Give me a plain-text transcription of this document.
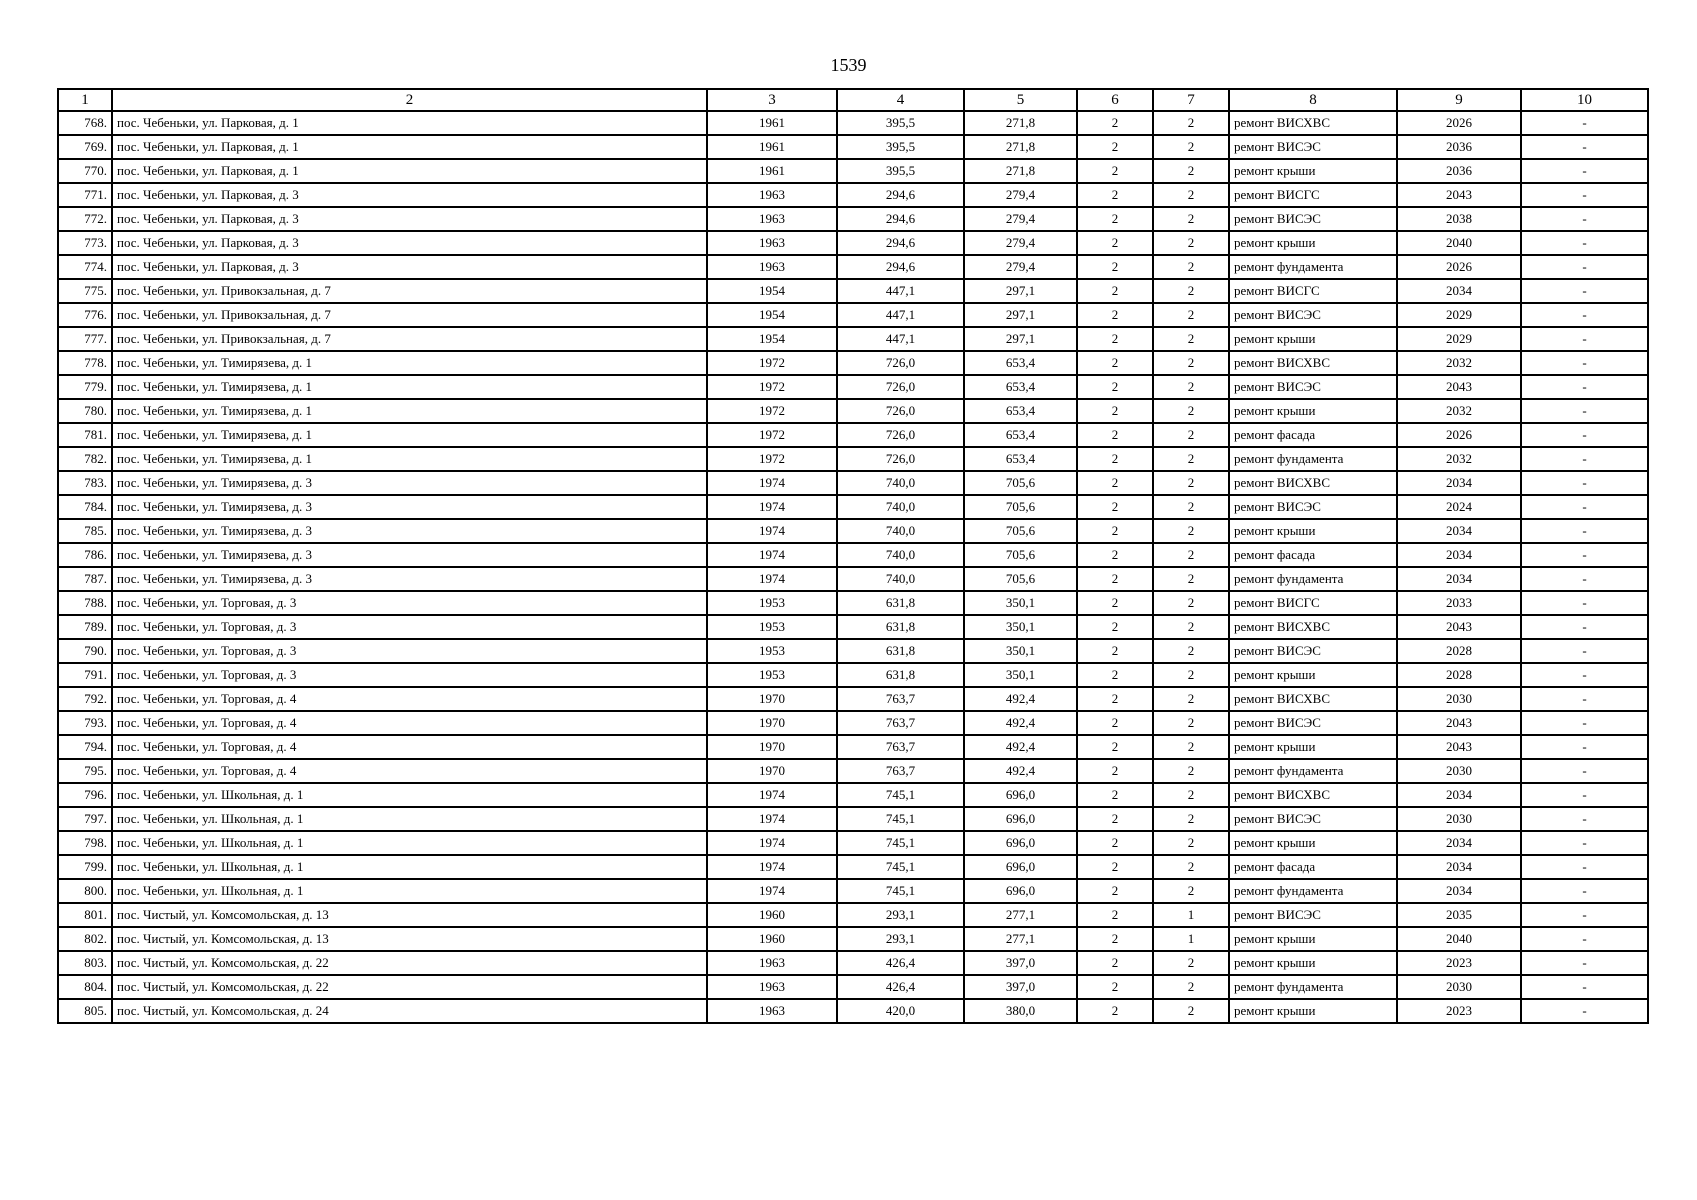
1539
1	2	3	4	5	6	7	8	9	10
768.	пос. Чебеньки, ул. Парковая, д. 1	1961	395,5	271,8	2	2	ремонт ВИСХВС	2026	-
769.	пос. Чебеньки, ул. Парковая, д. 1	1961	395,5	271,8	2	2	ремонт ВИСЭС	2036	-
770.	пос. Чебеньки, ул. Парковая, д. 1	1961	395,5	271,8	2	2	ремонт крыши	2036	-
771.	пос. Чебеньки, ул. Парковая, д. 3	1963	294,6	279,4	2	2	ремонт ВИСГС	2043	-
772.	пос. Чебеньки, ул. Парковая, д. 3	1963	294,6	279,4	2	2	ремонт ВИСЭС	2038	-
773.	пос. Чебеньки, ул. Парковая, д. 3	1963	294,6	279,4	2	2	ремонт крыши	2040	-
774.	пос. Чебеньки, ул. Парковая, д. 3	1963	294,6	279,4	2	2	ремонт фундамента	2026	-
775.	пос. Чебеньки, ул. Привокзальная, д. 7	1954	447,1	297,1	2	2	ремонт ВИСГС	2034	-
776.	пос. Чебеньки, ул. Привокзальная, д. 7	1954	447,1	297,1	2	2	ремонт ВИСЭС	2029	-
777.	пос. Чебеньки, ул. Привокзальная, д. 7	1954	447,1	297,1	2	2	ремонт крыши	2029	-
778.	пос. Чебеньки, ул. Тимирязева, д. 1	1972	726,0	653,4	2	2	ремонт ВИСХВС	2032	-
779.	пос. Чебеньки, ул. Тимирязева, д. 1	1972	726,0	653,4	2	2	ремонт ВИСЭС	2043	-
780.	пос. Чебеньки, ул. Тимирязева, д. 1	1972	726,0	653,4	2	2	ремонт крыши	2032	-
781.	пос. Чебеньки, ул. Тимирязева, д. 1	1972	726,0	653,4	2	2	ремонт фасада	2026	-
782.	пос. Чебеньки, ул. Тимирязева, д. 1	1972	726,0	653,4	2	2	ремонт фундамента	2032	-
783.	пос. Чебеньки, ул. Тимирязева, д. 3	1974	740,0	705,6	2	2	ремонт ВИСХВС	2034	-
784.	пос. Чебеньки, ул. Тимирязева, д. 3	1974	740,0	705,6	2	2	ремонт ВИСЭС	2024	-
785.	пос. Чебеньки, ул. Тимирязева, д. 3	1974	740,0	705,6	2	2	ремонт крыши	2034	-
786.	пос. Чебеньки, ул. Тимирязева, д. 3	1974	740,0	705,6	2	2	ремонт фасада	2034	-
787.	пос. Чебеньки, ул. Тимирязева, д. 3	1974	740,0	705,6	2	2	ремонт фундамента	2034	-
788.	пос. Чебеньки, ул. Торговая, д. 3	1953	631,8	350,1	2	2	ремонт ВИСГС	2033	-
789.	пос. Чебеньки, ул. Торговая, д. 3	1953	631,8	350,1	2	2	ремонт ВИСХВС	2043	-
790.	пос. Чебеньки, ул. Торговая, д. 3	1953	631,8	350,1	2	2	ремонт ВИСЭС	2028	-
791.	пос. Чебеньки, ул. Торговая, д. 3	1953	631,8	350,1	2	2	ремонт крыши	2028	-
792.	пос. Чебеньки, ул. Торговая, д. 4	1970	763,7	492,4	2	2	ремонт ВИСХВС	2030	-
793.	пос. Чебеньки, ул. Торговая, д. 4	1970	763,7	492,4	2	2	ремонт ВИСЭС	2043	-
794.	пос. Чебеньки, ул. Торговая, д. 4	1970	763,7	492,4	2	2	ремонт крыши	2043	-
795.	пос. Чебеньки, ул. Торговая, д. 4	1970	763,7	492,4	2	2	ремонт фундамента	2030	-
796.	пос. Чебеньки, ул. Школьная, д. 1	1974	745,1	696,0	2	2	ремонт ВИСХВС	2034	-
797.	пос. Чебеньки, ул. Школьная, д. 1	1974	745,1	696,0	2	2	ремонт ВИСЭС	2030	-
798.	пос. Чебеньки, ул. Школьная, д. 1	1974	745,1	696,0	2	2	ремонт крыши	2034	-
799.	пос. Чебеньки, ул. Школьная, д. 1	1974	745,1	696,0	2	2	ремонт фасада	2034	-
800.	пос. Чебеньки, ул. Школьная, д. 1	1974	745,1	696,0	2	2	ремонт фундамента	2034	-
801.	пос. Чистый, ул. Комсомольская, д. 13	1960	293,1	277,1	2	1	ремонт ВИСЭС	2035	-
802.	пос. Чистый, ул. Комсомольская, д. 13	1960	293,1	277,1	2	1	ремонт крыши	2040	-
803.	пос. Чистый, ул. Комсомольская, д. 22	1963	426,4	397,0	2	2	ремонт крыши	2023	-
804.	пос. Чистый, ул. Комсомольская, д. 22	1963	426,4	397,0	2	2	ремонт фундамента	2030	-
805.	пос. Чистый, ул. Комсомольская, д. 24	1963	420,0	380,0	2	2	ремонт крыши	2023	-
